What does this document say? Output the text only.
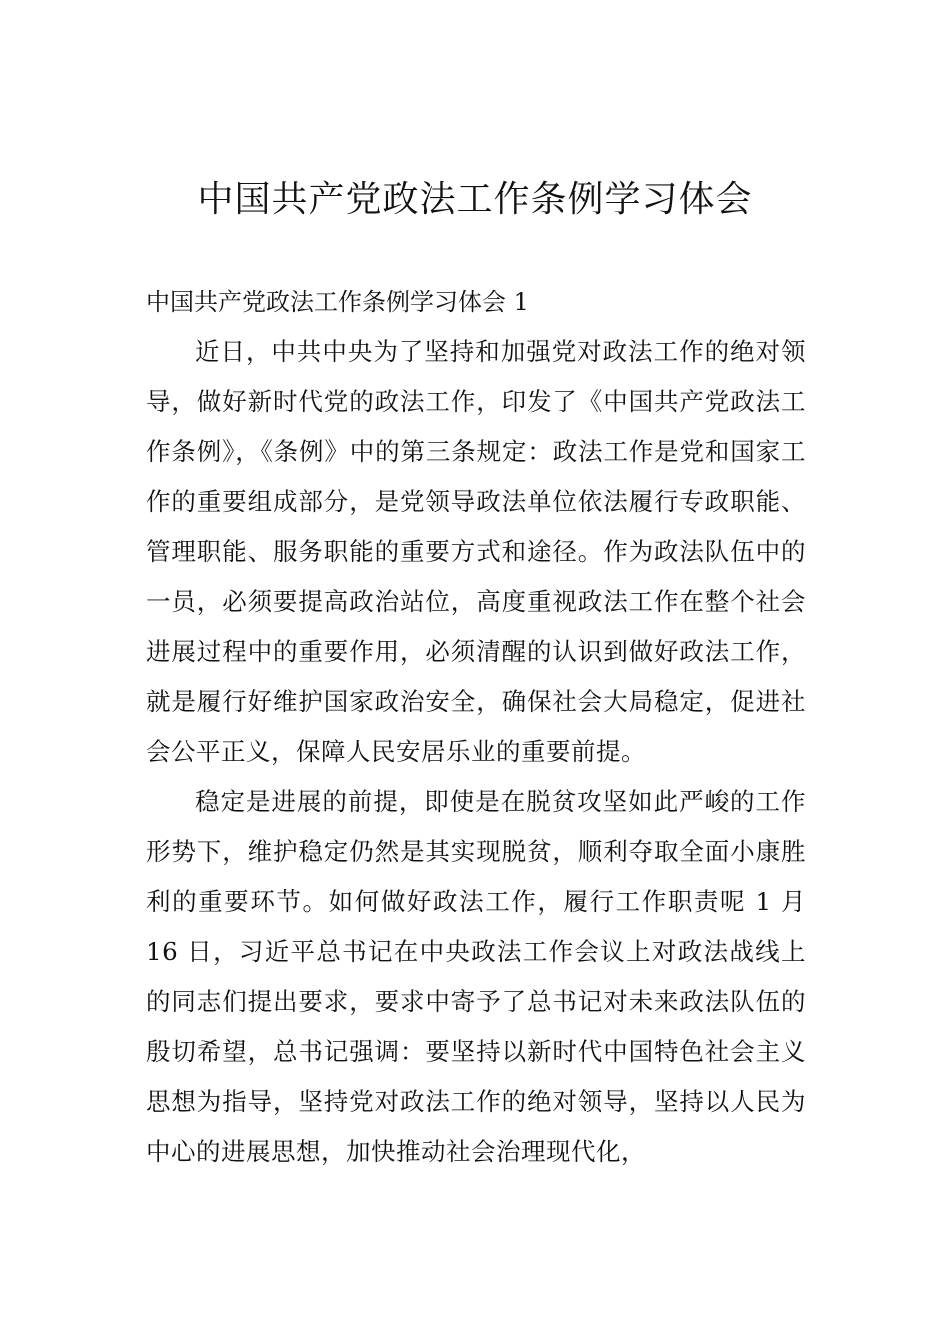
中国共产党政法工作条例学习体会

中国共产党政法工作条例学习体会 1

近日，中共中央为了坚持和加强党对政法工作的绝对领导，做好新时代党的政法工作，印发了《中国共产党政法工作条例》，《条例》中的第三条规定：政法工作是党和国家工作的重要组成部分，是党领导政法单位依法履行专政职能、管理职能、服务职能的重要方式和途径。作为政法队伍中的一员，必须要提高政治站位，高度重视政法工作在整个社会进展过程中的重要作用，必须清醒的认识到做好政法工作，就是履行好维护国家政治安全，确保社会大局稳定，促进社会公平正义，保障人民安居乐业的重要前提。

稳定是进展的前提，即使是在脱贫攻坚如此严峻的工作形势下，维护稳定仍然是其实现脱贫，顺利夺取全面小康胜利的重要环节。如何做好政法工作，履行工作职责呢 1 月 16 日，习近平总书记在中央政法工作会议上对政法战线上的同志们提出要求，要求中寄予了总书记对未来政法队伍的殷切希望，总书记强调：要坚持以新时代中国特色社会主义思想为指导，坚持党对政法工作的绝对领导，坚持以人民为中心的进展思想，加快推动社会治理现代化，
